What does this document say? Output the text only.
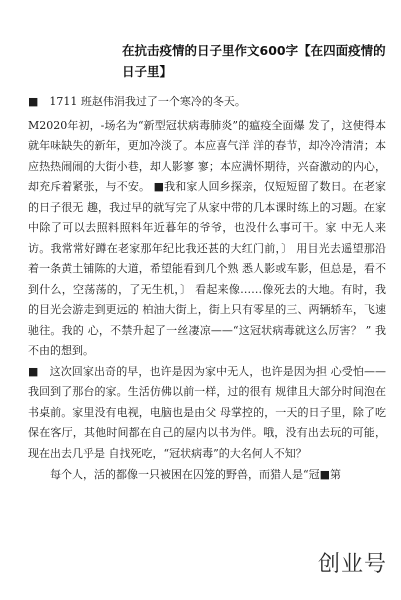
在抗击疫情的日子里作文600字【在四面疫情的日子里】

■　1711 班赵伟涓我过了一个寒冷的冬天。

M2020年初，-场名为“新型冠状病毒肺炎”的瘟疫全面爆 发了，这使得本就年味缺失的新年，更加冷淡了。本应喜气洋 洋的春节，却冷冷清清；本应热热闹闹的大街小巷，却人影寥 寥；本应满怀期待，兴奋激动的内心，却充斥着紧张，与不安。 ■我和家人回乡探亲，仅短短留了数日。在老家的日子很无 趣，我过早的就写完了从家中带的几本课时练上的习题。在家 中除了可以去照料照料年近暮年的爷爷，也没什么事可干。家 中无人来访。我常常好蹲在老家那年纪比我还甚的大红门前，〕 用目光去遥望那沿着一条黄土铺陈的大道，希望能看到几个熟 悉人影或车影，但总是，看不到什么，空荡荡的，了无生机，〕 看起来像……像死去的大地。有时，我的目光会游走到更远的 柏油大街上，街上只有零星的三、两辆轿车，飞速驰往。我的 心，不禁升起了一丝凄凉——“这冠状病毒就这么厉害？ ” 我 不由的想到。

■　这次回家出奇的早，也许是因为家中无人，也许是因为担 心受怕——我回到了那台的家。生活仿佛以前一样，过的很有 规律且大部分时间泡在书桌前。家里没有电视，电脑也是由父 母掌控的，一天的日子里，除了吃保在客厅，其他时间都在自己的屋内以书为伴。哦，没有出去玩的可能，现在出去几乎是 自找死吃，“冠状病毒”的大名何人不知？

每个人，活的都像一只被困在囚笼的野兽，而猎人是“冠■第

创业号
